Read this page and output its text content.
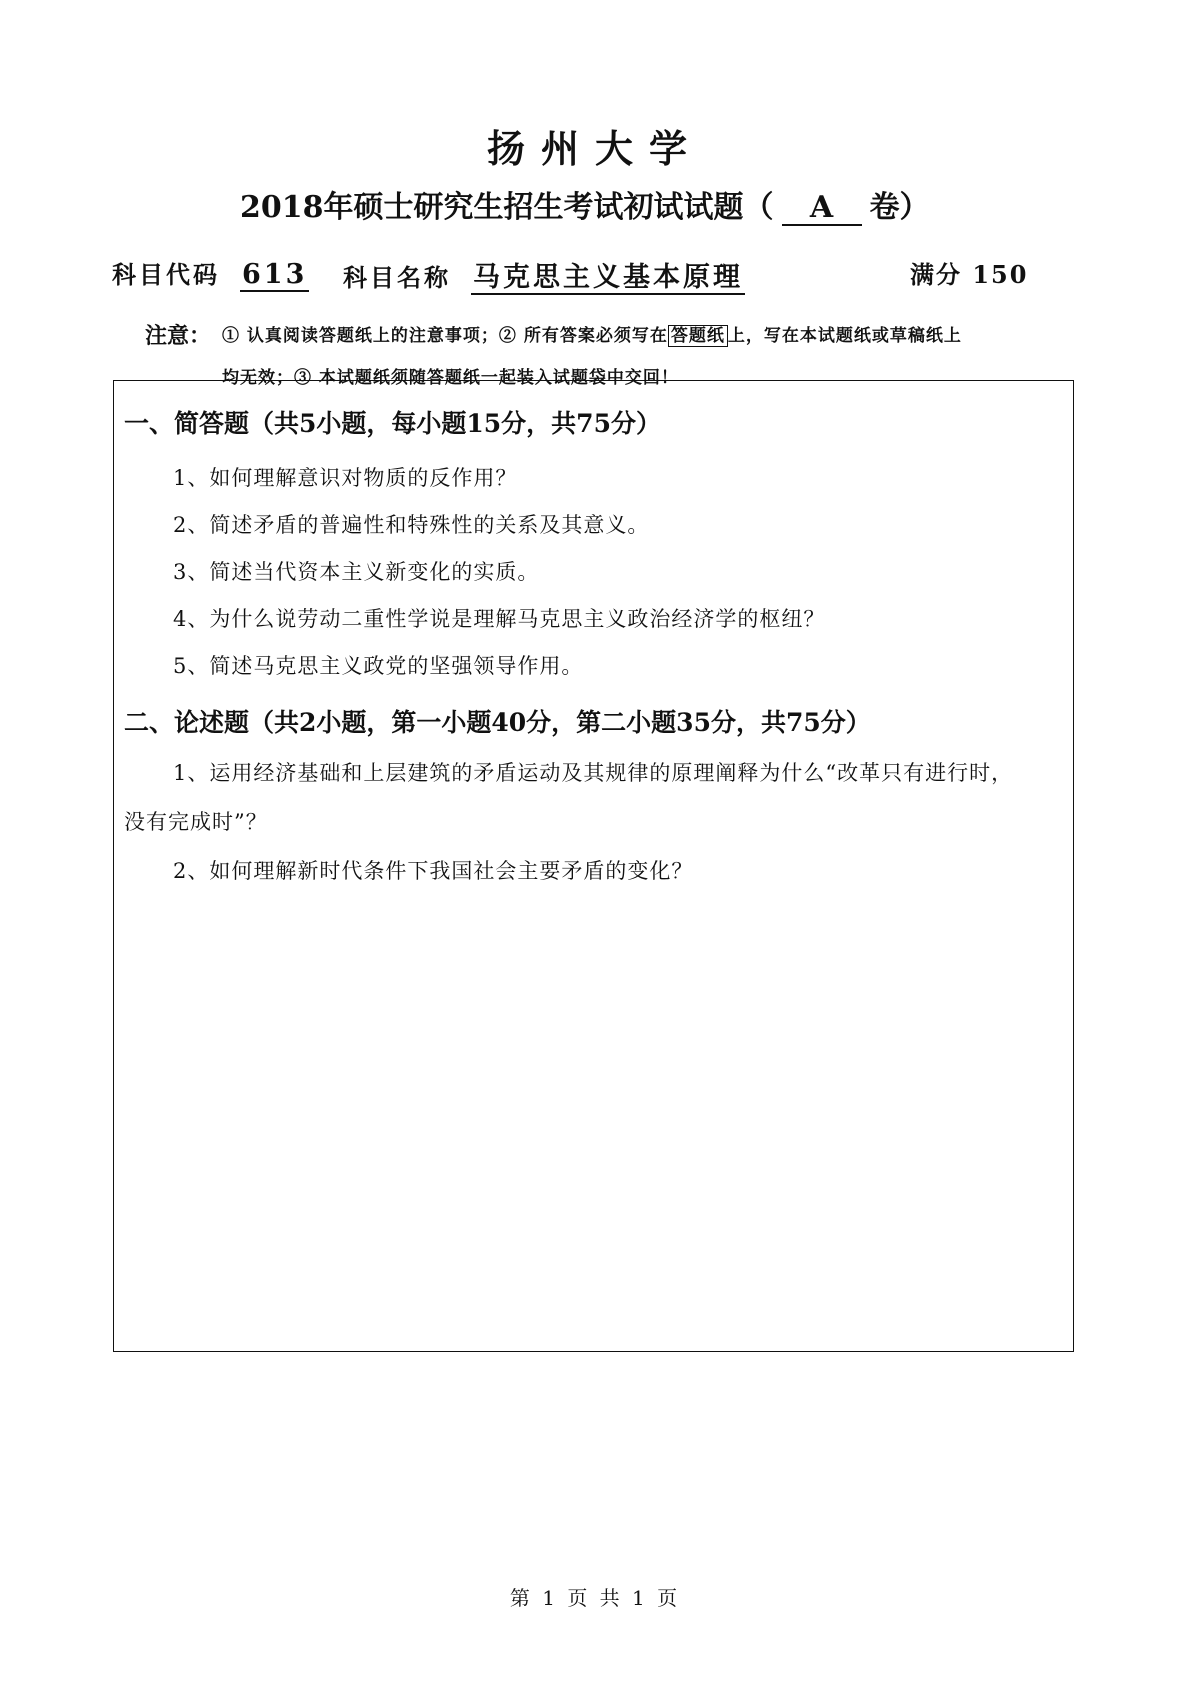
扬州大学
2018年硕士研究生招生考试初试试题（ A 卷）
科目代码 613 科目名称 马克思主义基本原理	满分 150
注意： ① 认真阅读答题纸上的注意事项；② 所有答案必须写在 答题纸 上，写在本试题纸或草稿纸上
均无效；③ 本试题纸须随答题纸一起装入试题袋中交回！
一、简答题（共5小题，每小题15分，共75分）
1、如何理解意识对物质的反作用？
2、简述矛盾的普遍性和特殊性的关系及其意义。
3、简述当代资本主义新变化的实质。
4、为什么说劳动二重性学说是理解马克思主义政治经济学的枢纽？
5、简述马克思主义政党的坚强领导作用。
二、论述题（共2小题，第一小题40分，第二小题35分，共75分）
1、运用经济基础和上层建筑的矛盾运动及其规律的原理阐释为什么“改革只有进行时，
没有完成时”？
2、如何理解新时代条件下我国社会主要矛盾的变化？
第 1 页 共 1 页
